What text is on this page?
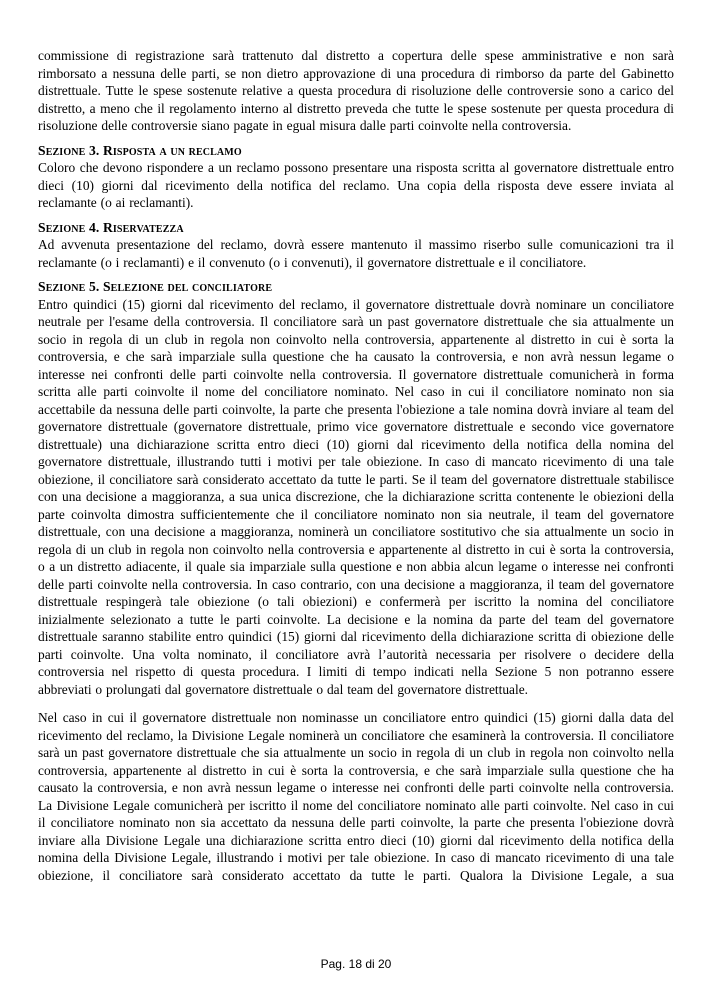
commissione di registrazione sarà trattenuto dal distretto a copertura delle spese amministrative e non sarà rimborsato a nessuna delle parti, se non dietro approvazione di una procedura di rimborso da parte del Gabinetto distrettuale. Tutte le spese sostenute relative a questa procedura di risoluzione delle controversie sono a carico del distretto, a meno che il regolamento interno al distretto preveda che tutte le spese sostenute per questa procedura di risoluzione delle controversie siano pagate in egual misura dalle parti coinvolte nella controversia.

Sezione 3. Risposta a un reclamo

Coloro che devono rispondere a un reclamo possono presentare una risposta scritta al governatore distrettuale entro dieci (10) giorni dal ricevimento della notifica del reclamo. Una copia della risposta deve essere inviata al reclamante (o ai reclamanti).

Sezione 4. Riservatezza

Ad avvenuta presentazione del reclamo, dovrà essere mantenuto il massimo riserbo sulle comunicazioni tra il reclamante (o i reclamanti) e il convenuto (o i convenuti), il governatore distrettuale e il conciliatore.

Sezione 5. Selezione del conciliatore

Entro quindici (15) giorni dal ricevimento del reclamo, il governatore distrettuale dovrà nominare un conciliatore neutrale per l'esame della controversia. Il conciliatore sarà un past governatore distrettuale che sia attualmente un socio in regola di un club in regola non coinvolto nella controversia, appartenente al distretto in cui è sorta la controversia, e che sarà imparziale sulla questione che ha causato la controversia, e non avrà nessun legame o interesse nei confronti delle parti coinvolte nella controversia. Il governatore distrettuale comunicherà in forma scritta alle parti coinvolte il nome del conciliatore nominato. Nel caso in cui il conciliatore nominato non sia accettabile da nessuna delle parti coinvolte, la parte che presenta l'obiezione a tale nomina dovrà inviare al team del governatore distrettuale (governatore distrettuale, primo vice governatore distrettuale e secondo vice governatore distrettuale) una dichiarazione scritta entro dieci (10) giorni dal ricevimento della notifica della nomina del governatore distrettuale, illustrando tutti i motivi per tale obiezione. In caso di mancato ricevimento di una tale obiezione, il conciliatore sarà considerato accettato da tutte le parti. Se il team del governatore distrettuale stabilisce con una decisione a maggioranza, a sua unica discrezione, che la dichiarazione scritta contenente le obiezioni della parte coinvolta dimostra sufficientemente che il conciliatore nominato non sia neutrale, il team del governatore distrettuale, con una decisione a maggioranza, nominerà un conciliatore sostitutivo che sia attualmente un socio in regola di un club in regola non coinvolto nella controversia e appartenente al distretto in cui è sorta la controversia, o a un distretto adiacente, il quale sia imparziale sulla questione e non abbia alcun legame o interesse nei confronti delle parti coinvolte nella controversia. In caso contrario, con una decisione a maggioranza, il team del governatore distrettuale respingerà tale obiezione (o tali obiezioni) e confermerà per iscritto la nomina del conciliatore inizialmente selezionato a tutte le parti coinvolte. La decisione e la nomina da parte del team del governatore distrettuale saranno stabilite entro quindici (15) giorni dal ricevimento della dichiarazione scritta di obiezione delle parti coinvolte. Una volta nominato, il conciliatore avrà l’autorità necessaria per risolvere o decidere della controversia nel rispetto di questa procedura. I limiti di tempo indicati nella Sezione 5 non potranno essere abbreviati o prolungati dal governatore distrettuale o dal team del governatore distrettuale.

Nel caso in cui il governatore distrettuale non nominasse un conciliatore entro quindici (15) giorni dalla data del ricevimento del reclamo, la Divisione Legale nominerà un conciliatore che esaminerà la controversia. Il conciliatore sarà un past governatore distrettuale che sia attualmente un socio in regola di un club in regola non coinvolto nella controversia, appartenente al distretto in cui è sorta la controversia, e che sarà imparziale sulla questione che ha causato la controversia, e non avrà nessun legame o interesse nei confronti delle parti coinvolte nella controversia. La Divisione Legale comunicherà per iscritto il nome del conciliatore nominato alle parti coinvolte. Nel caso in cui il conciliatore nominato non sia accettato da nessuna delle parti coinvolte, la parte che presenta l'obiezione dovrà inviare alla Divisione Legale una dichiarazione scritta entro dieci (10) giorni dal ricevimento della notifica della nomina della Divisione Legale, illustrando i motivi per tale obiezione. In caso di mancato ricevimento di una tale obiezione, il conciliatore sarà considerato accettato da tutte le parti. Qualora la Divisione Legale, a sua

Pag. 18 di 20
